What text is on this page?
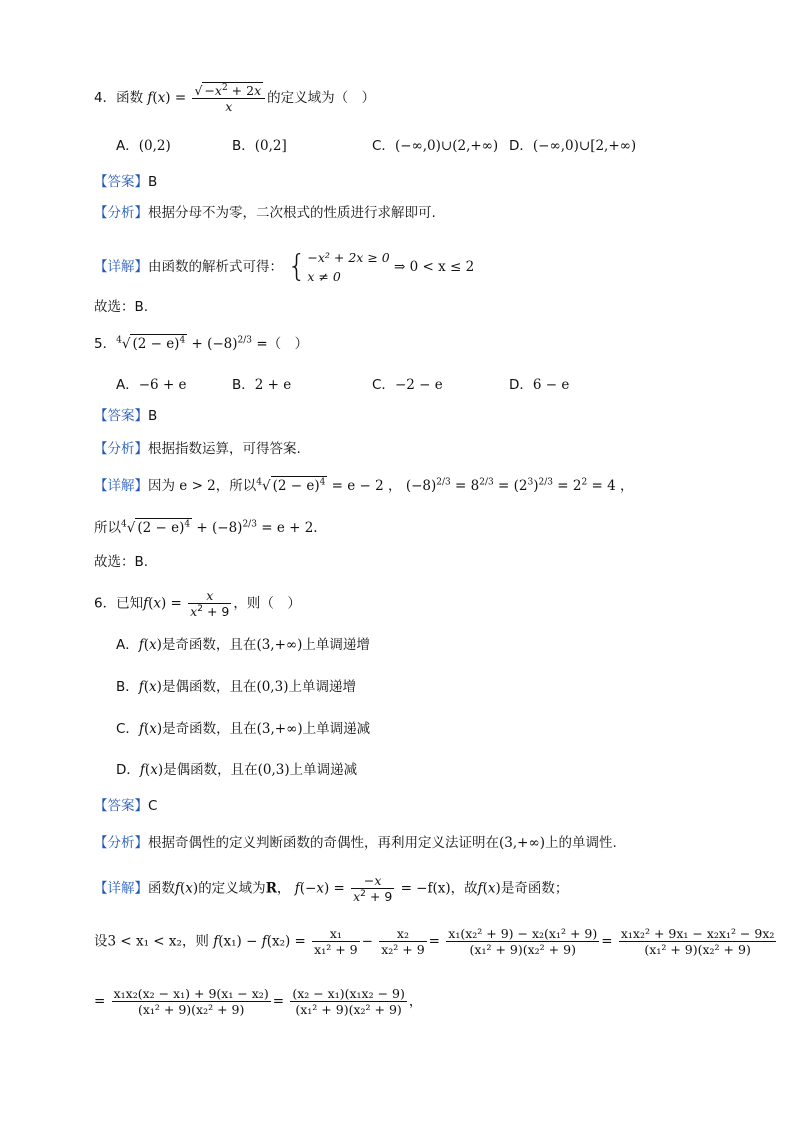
4．函数 $f(x) = \frac{√ -x^2 + 2x}{x}$ 的定义域为（　）
A．(0,2)	B．(0,2]	C．(−∞,0)∪(2,+∞) D．(−∞,0)∪[2,+∞)
【答案】B
【分析】根据分母不为零，二次根式的性质进行求解即可.
【详解】由函数的解析式可得： { −x² + 2x ≥ 0
x ≠ 0
⇒ 0 < x ≤ 2
故选：B.
5．$^4$√ $(2 - e)^4 + (-8)^{2/3}$ =（　）
A．−6 + e	B．2 + e	C．−2 − e	D．6 − e
【答案】B
【分析】根据指数运算，可得答案.
【详解】因为 e > 2，所以$^4$√ $(2 - e)^4 = e - 2$ ， $(-8)^{2/3} = 8^{2/3} = (2^3)^{2/3} = 2^2 = 4$ ，
所以$^4$√ $(2 - e)^4 + (-8)^{2/3} = e + 2$.
故选：B.
6．已知$f(x) = \frac{x}{x^2 + 9}$ ，则（　）
A．f(x)是奇函数，且在(3,+∞)上单调递增
B．f(x)是偶函数，且在(0,3)上单调递增
C．f(x)是奇函数，且在(3,+∞)上单调递减
D．f(x)是偶函数，且在(0,3)上单调递减
【答案】C
【分析】根据奇偶性的定义判断函数的奇偶性，再利用定义法证明在(3,+∞)上的单调性.
【详解】函数f(x)的定义域为R， $f(-x) = \frac{-x}{x^2 + 9} = -f(x)$，故f(x)是奇函数；
设3 < x₁ < x₂，则 $f(x_1) - f(x_2) = \frac{\text{x₁}}{\text{x₁² + 9}} - \frac{\text{x₂}}{\text{x₂² + 9}} = \frac{\text{x₁(x₂² + 9) − x₂(x₁² + 9)}}{\text{(x₁² + 9)(x₂² + 9)}} = \frac{\text{x₁x₂² + 9x₁ − x₂x₁² − 9x₂}}{\text{(x₁² + 9)(x₂² + 9)}}$
= $\frac{\text{x₁x₂(x₂ − x₁) + 9(x₁ − x₂)}}{\text{(x₁² + 9)(x₂² + 9)}} = \frac{\text{(x₂ − x₁)(x₁x₂ − 9)}}{\text{(x₁² + 9)(x₂² + 9)}}$ ，
